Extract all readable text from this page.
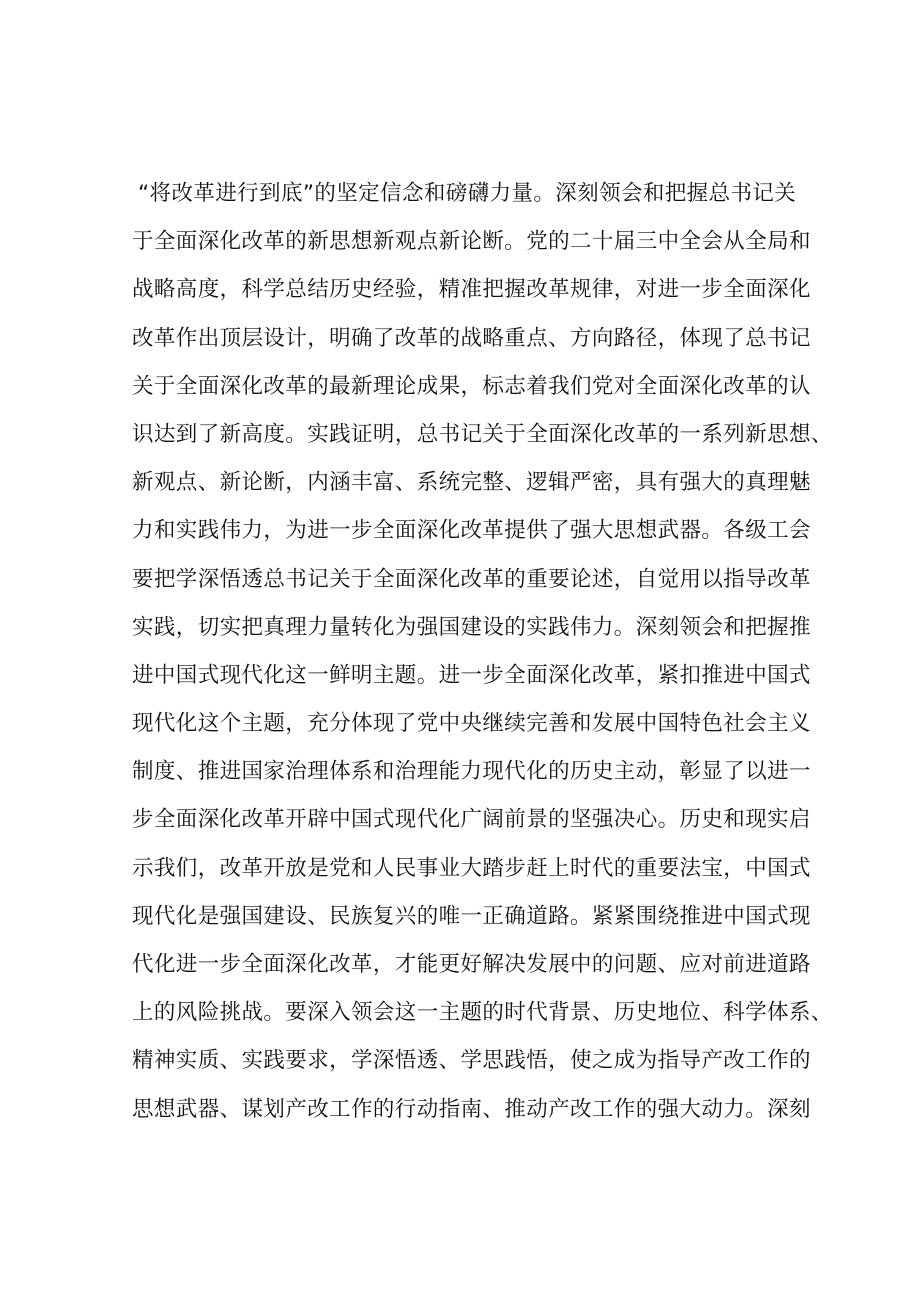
“将改革进行到底”的坚定信念和磅礴力量。深刻领会和把握总书记关
于全面深化改革的新思想新观点新论断。党的二十届三中全会从全局和
战略高度，科学总结历史经验，精准把握改革规律，对进一步全面深化
改革作出顶层设计，明确了改革的战略重点、方向路径，体现了总书记
关于全面深化改革的最新理论成果，标志着我们党对全面深化改革的认
识达到了新高度。实践证明，总书记关于全面深化改革的一系列新思想、
新观点、新论断，内涵丰富、系统完整、逻辑严密，具有强大的真理魅
力和实践伟力，为进一步全面深化改革提供了强大思想武器。各级工会
要把学深悟透总书记关于全面深化改革的重要论述，自觉用以指导改革
实践，切实把真理力量转化为强国建设的实践伟力。深刻领会和把握推
进中国式现代化这一鲜明主题。进一步全面深化改革，紧扣推进中国式
现代化这个主题，充分体现了党中央继续完善和发展中国特色社会主义
制度、推进国家治理体系和治理能力现代化的历史主动，彰显了以进一
步全面深化改革开辟中国式现代化广阔前景的坚强决心。历史和现实启
示我们，改革开放是党和人民事业大踏步赶上时代的重要法宝，中国式
现代化是强国建设、民族复兴的唯一正确道路。紧紧围绕推进中国式现
代化进一步全面深化改革，才能更好解决发展中的问题、应对前进道路
上的风险挑战。要深入领会这一主题的时代背景、历史地位、科学体系、
精神实质、实践要求，学深悟透、学思践悟，使之成为指导产改工作的
思想武器、谋划产改工作的行动指南、推动产改工作的强大动力。深刻
